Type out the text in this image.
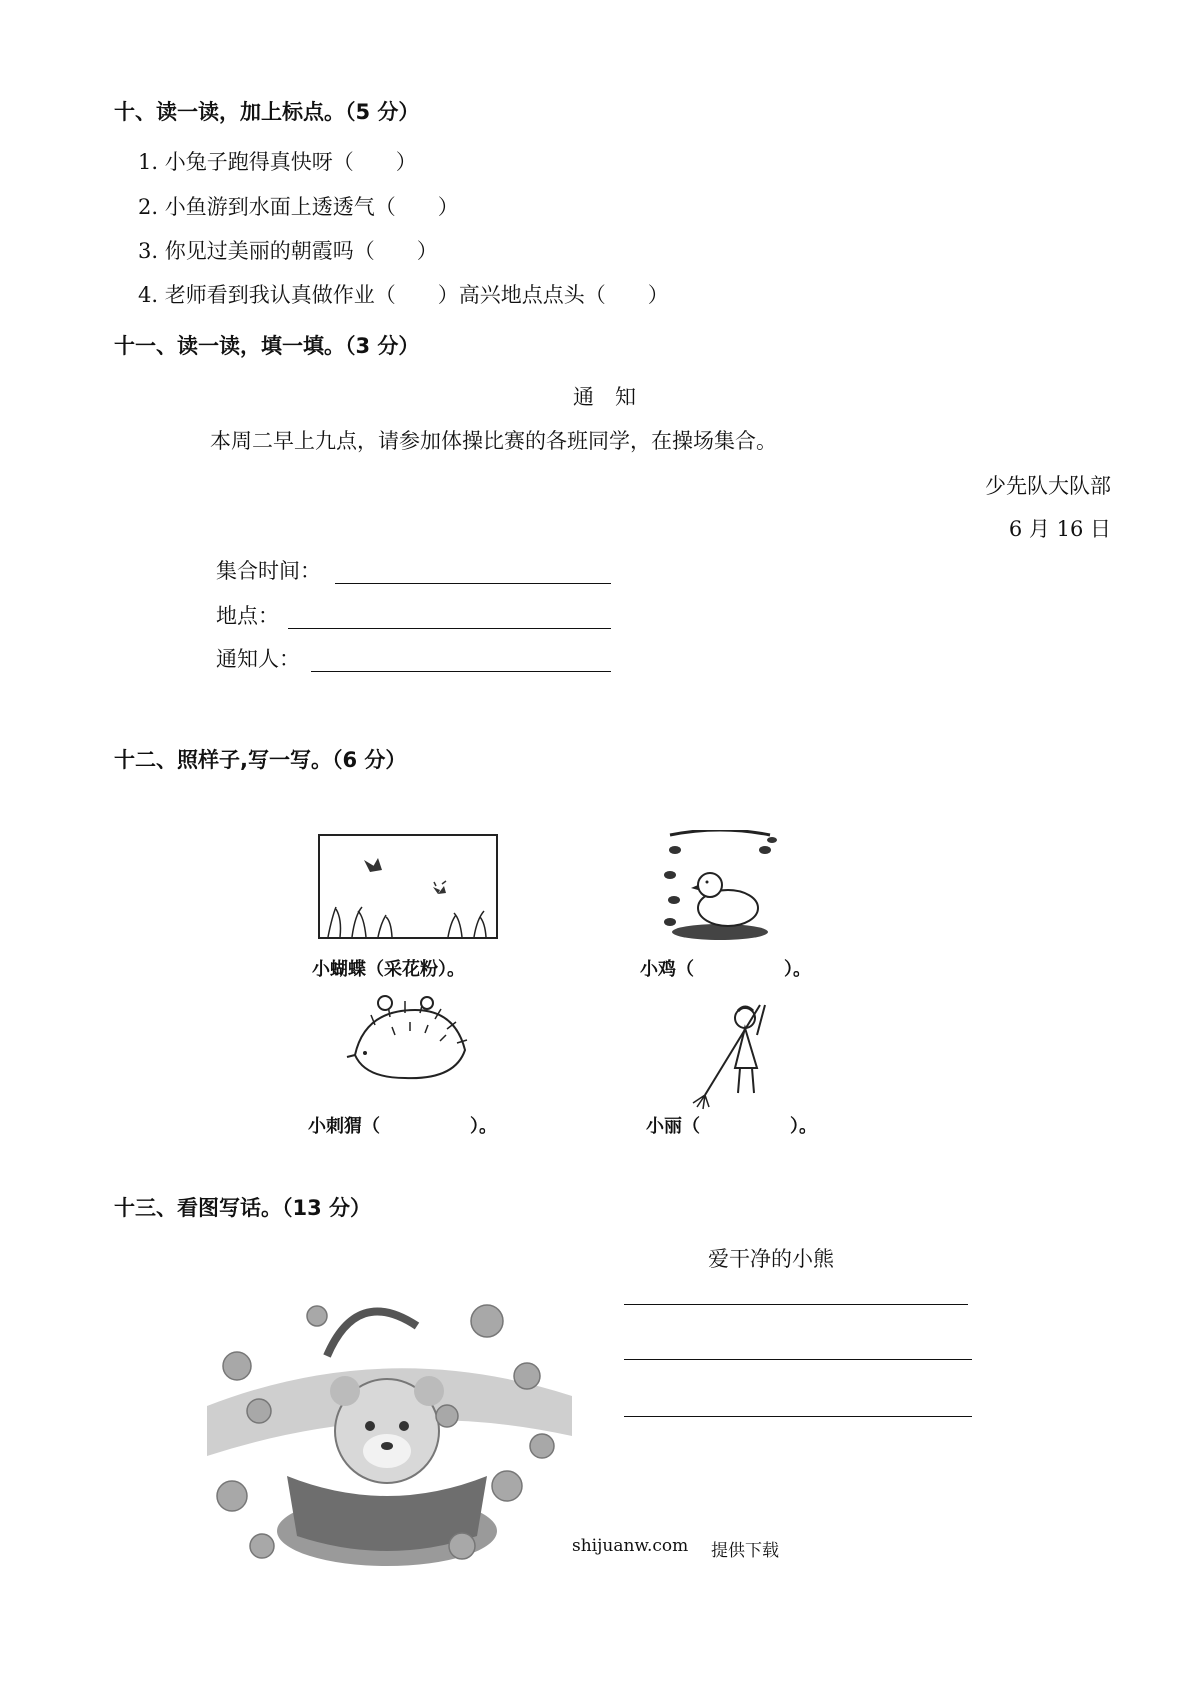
十、读一读，加上标点。（5 分）
1. 小兔子跑得真快呀（　　）
2. 小鱼游到水面上透透气（　　）
3. 你见过美丽的朝霞吗（　　）
4. 老师看到我认真做作业（　　）高兴地点点头（　　）
十一、读一读，填一填。（3 分）
通　知
本周二早上九点，请参加体操比赛的各班同学，在操场集合。
少先队大队部
6 月 16 日
集合时间：
地点：
通知人：
十二、照样子,写一写。（6 分）
小蝴蝶（采花粉）。	小鸡（　　　　　）。
小刺猬（　　　　　）。	小丽（　　　　　）。
十三、看图写话。（13 分）
爱干净的小熊
shijuanw.com 提供下载
